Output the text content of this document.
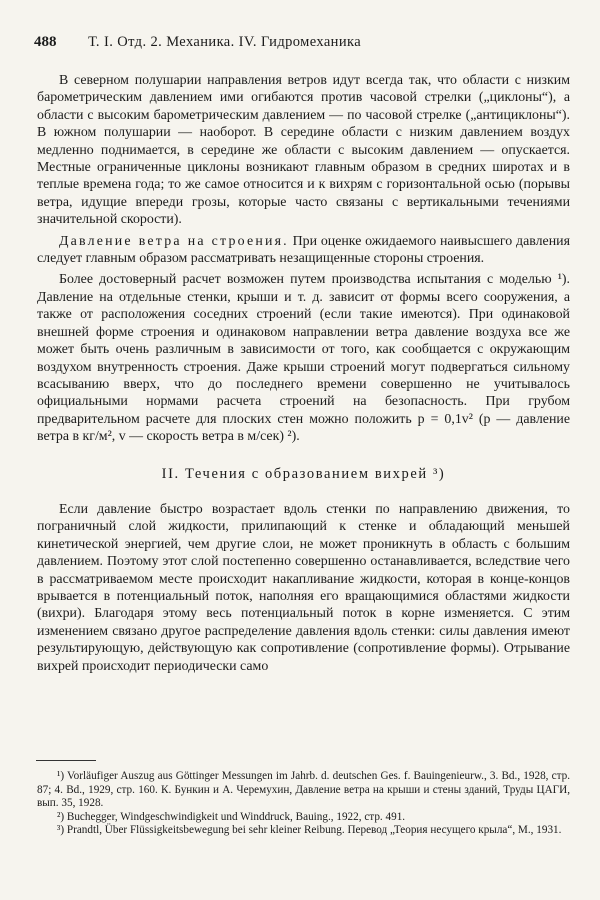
488 Т. I. Отд. 2. Механика. IV. Гидромеханика

В северном полушарии направления ветров идут всегда так, что области с низким барометрическим давлением ими огибаются против часовой стрелки („циклоны“), а области с высоким барометрическим давлением — по часовой стрелке („антициклоны“). В южном полушарии — наоборот. В середине области с низким давлением воздух медленно поднимается, в середине же области с высоким давлением — опускается. Местные ограниченные циклоны возникают главным образом в средних широтах и в теплые времена года; то же самое относится и к вихрям с горизонтальной осью (порывы ветра, идущие впереди грозы, которые часто связаны с вертикальными течениями значительной скорости).

Давление ветра на строения. При оценке ожидаемого наивысшего давления следует главным образом рассматривать незащищенные стороны строения.

Более достоверный расчет возможен путем производства испытания с моделью ¹). Давление на отдельные стенки, крыши и т. д. зависит от формы всего сооружения, а также от расположения соседних строений (если такие имеются). При одинаковой внешней форме строения и одинаковом направлении ветра давление воздуха все же может быть очень различным в зависимости от того, как сообщается с окружающим воздухом внутренность строения. Даже крыши строений могут подвергаться сильному всасыванию вверх, что до последнего времени совершенно не учитывалось официальными нормами расчета строений на безопасность. При грубом предварительном расчете для плоских стен можно положить p = 0,1v² (p — давление ветра в кг/м², v — скорость ветра в м/сек) ²).

II. Течения с образованием вихрей ³)

Если давление быстро возрастает вдоль стенки по направлению движения, то пограничный слой жидкости, прилипающий к стенке и обладающий меньшей кинетической энергией, чем другие слои, не может проникнуть в область с большим давлением. Поэтому этот слой постепенно совершенно останавливается, вследствие чего в рассматриваемом месте происходит накапливание жидкости, которая в конце-концов врывается в потенциальный поток, наполняя его вращающимися областями жидкости (вихри). Благодаря этому весь потенциальный поток в корне изменяется. С этим изменением связано другое распределение давления вдоль стенки: силы давления имеют результирующую, действующую как сопротивление (сопротивление формы). Отрывание вихрей происходит периодически само

¹) Vorläufiger Auszug aus Göttinger Messungen im Jahrb. d. deutschen Ges. f. Bauingenieurw., 3. Bd., 1928, стр. 87; 4. Bd., 1929, стр. 160. К. Бункин и А. Черемухин, Давление ветра на крыши и стены зданий, Труды ЦАГИ, вып. 35, 1928.

²) Buchegger, Windgeschwindigkeit und Winddruck, Bauing., 1922, стр. 491.

³) Prandtl, Über Flüssigkeitsbewegung bei sehr kleiner Reibung. Перевод „Теория несущего крыла“, М., 1931.
